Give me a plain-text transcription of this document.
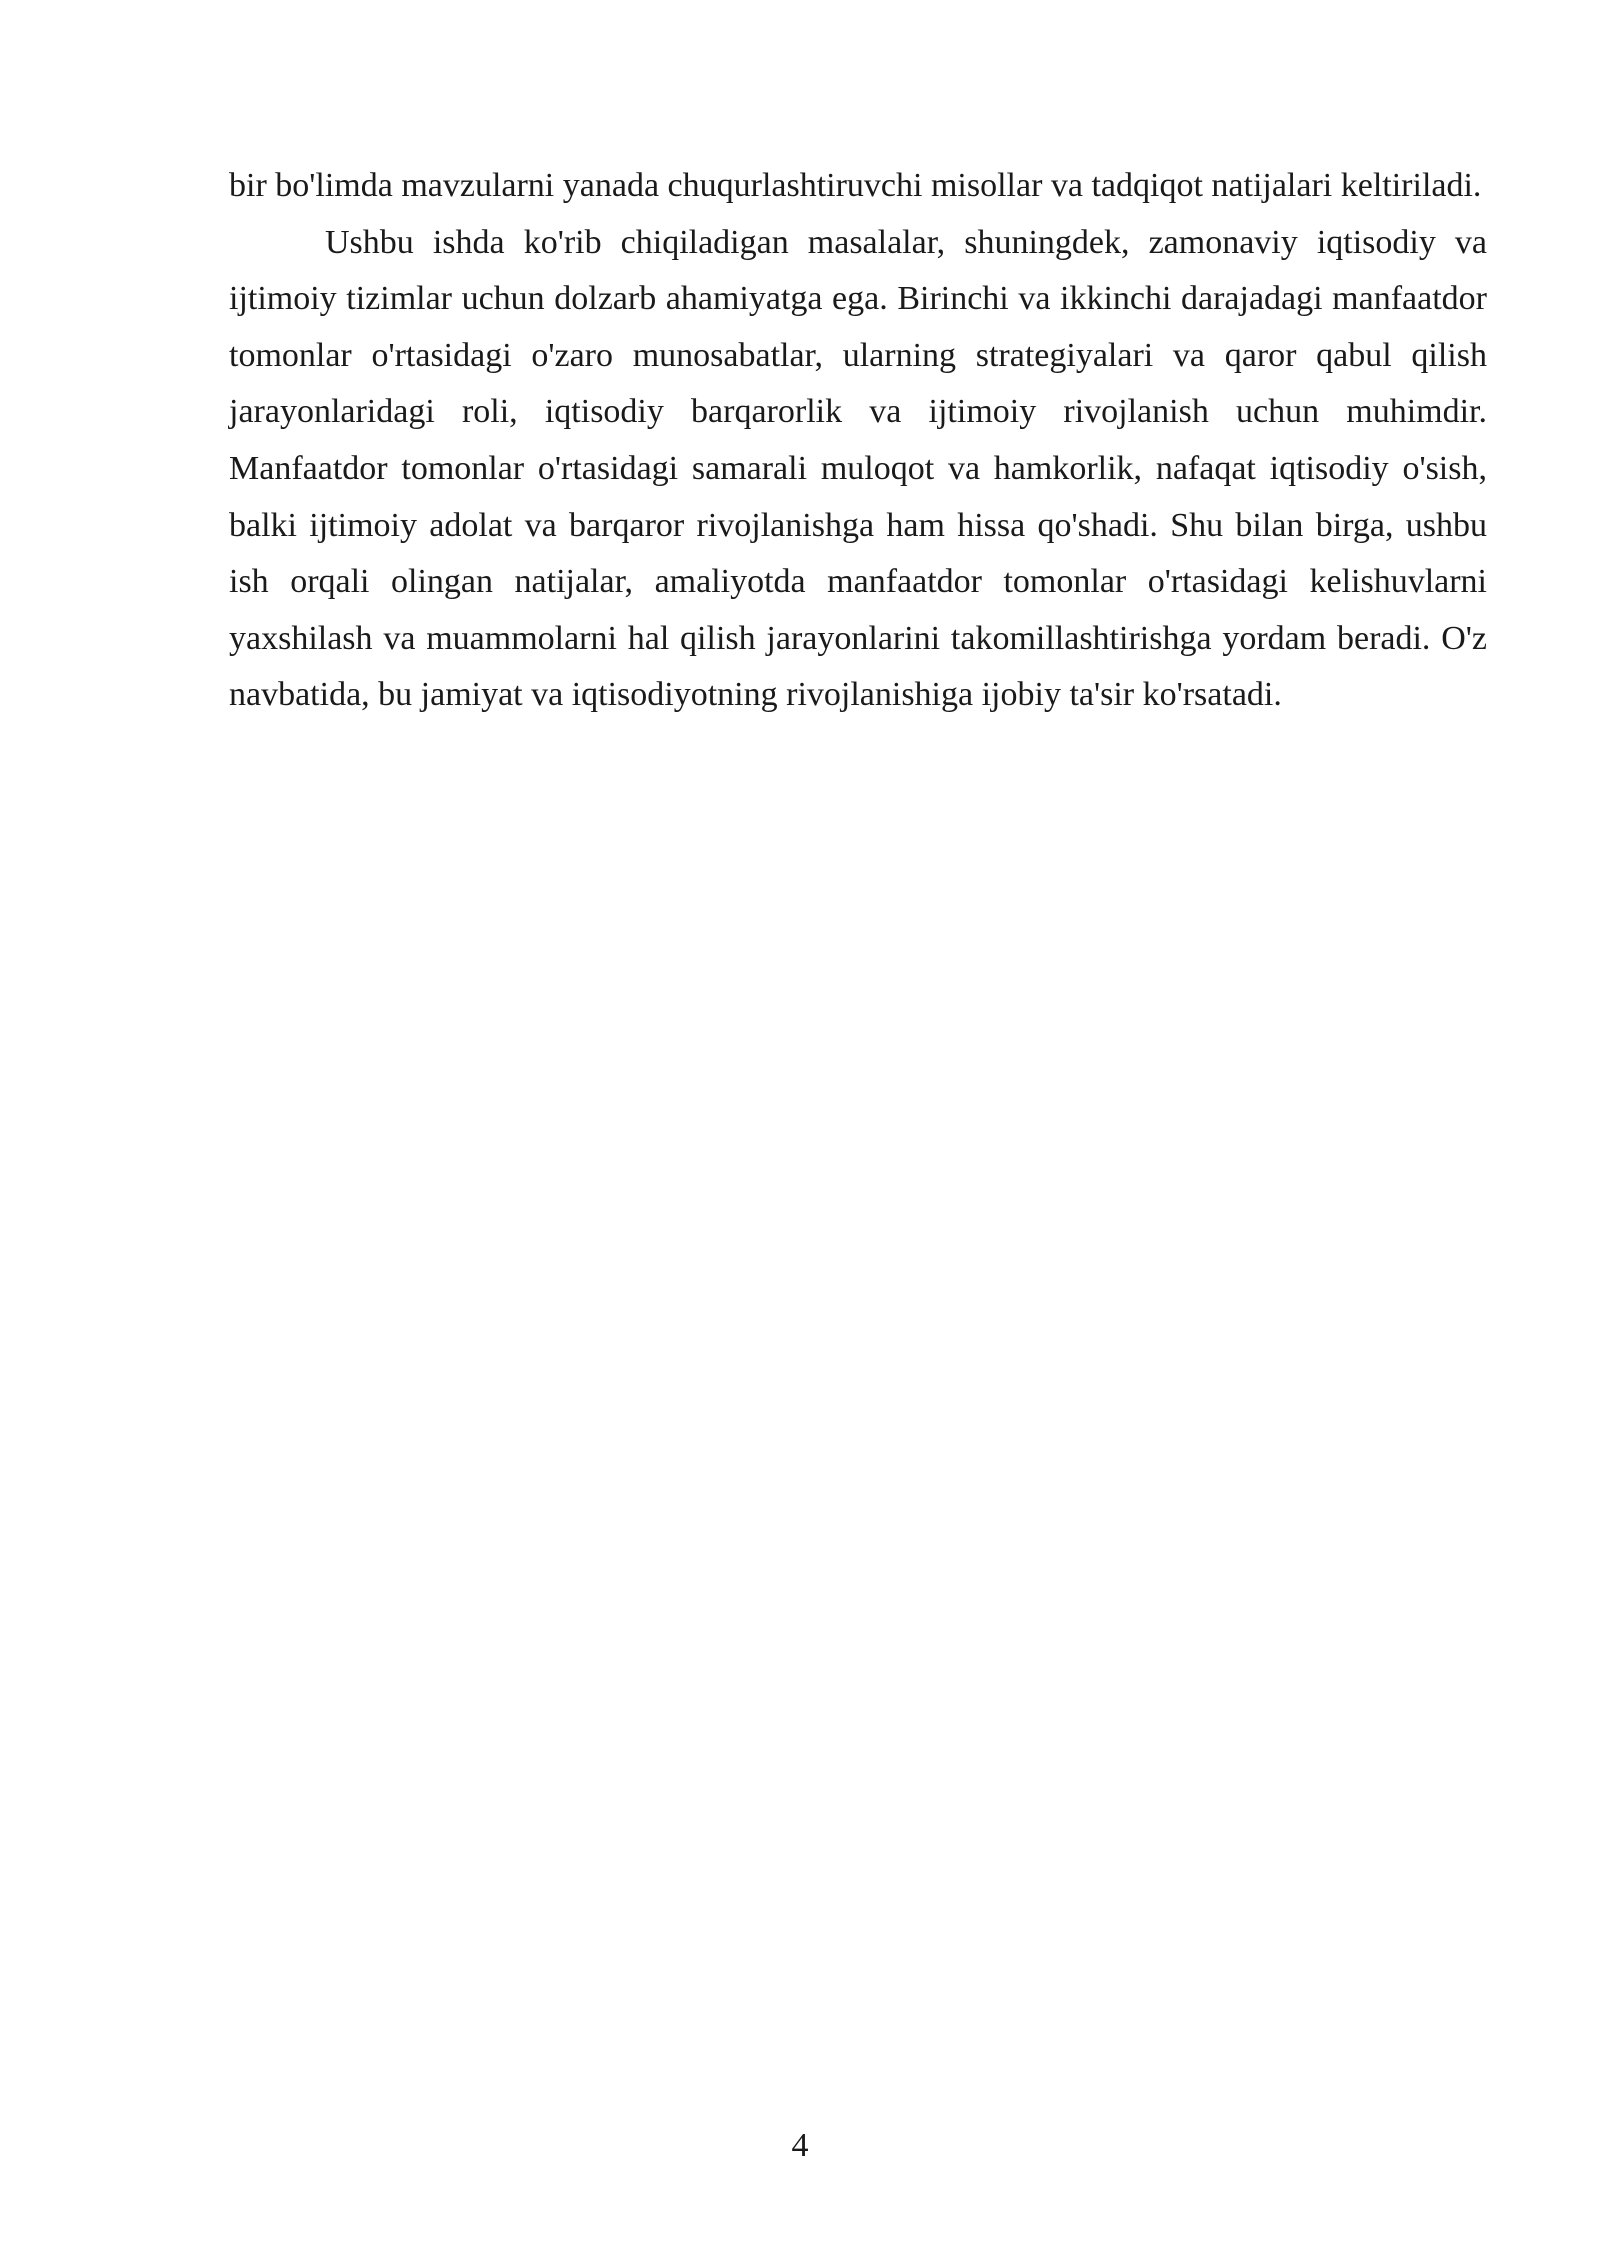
bir bo'limda mavzularni yanada chuqurlashtiruvchi misollar va tadqiqot natijalari keltiriladi.

Ushbu ishda ko'rib chiqiladigan masalalar, shuningdek, zamonaviy iqtisodiy va ijtimoiy tizimlar uchun dolzarb ahamiyatga ega. Birinchi va ikkinchi darajadagi manfaatdor tomonlar o'rtasidagi o'zaro munosabatlar, ularning strategiyalari va qaror qabul qilish jarayonlaridagi roli, iqtisodiy barqarorlik va ijtimoiy rivojlanish uchun muhimdir. Manfaatdor tomonlar o'rtasidagi samarali muloqot va hamkorlik, nafaqat iqtisodiy o'sish, balki ijtimoiy adolat va barqaror rivojlanishga ham hissa qo'shadi. Shu bilan birga, ushbu ish orqali olingan natijalar, amaliyotda manfaatdor tomonlar o'rtasidagi kelishuvlarni yaxshilash va muammolarni hal qilish jarayonlarini takomillashtirishga yordam beradi. O'z navbatida, bu jamiyat va iqtisodiyotning rivojlanishiga ijobiy ta'sir ko'rsatadi.

4
